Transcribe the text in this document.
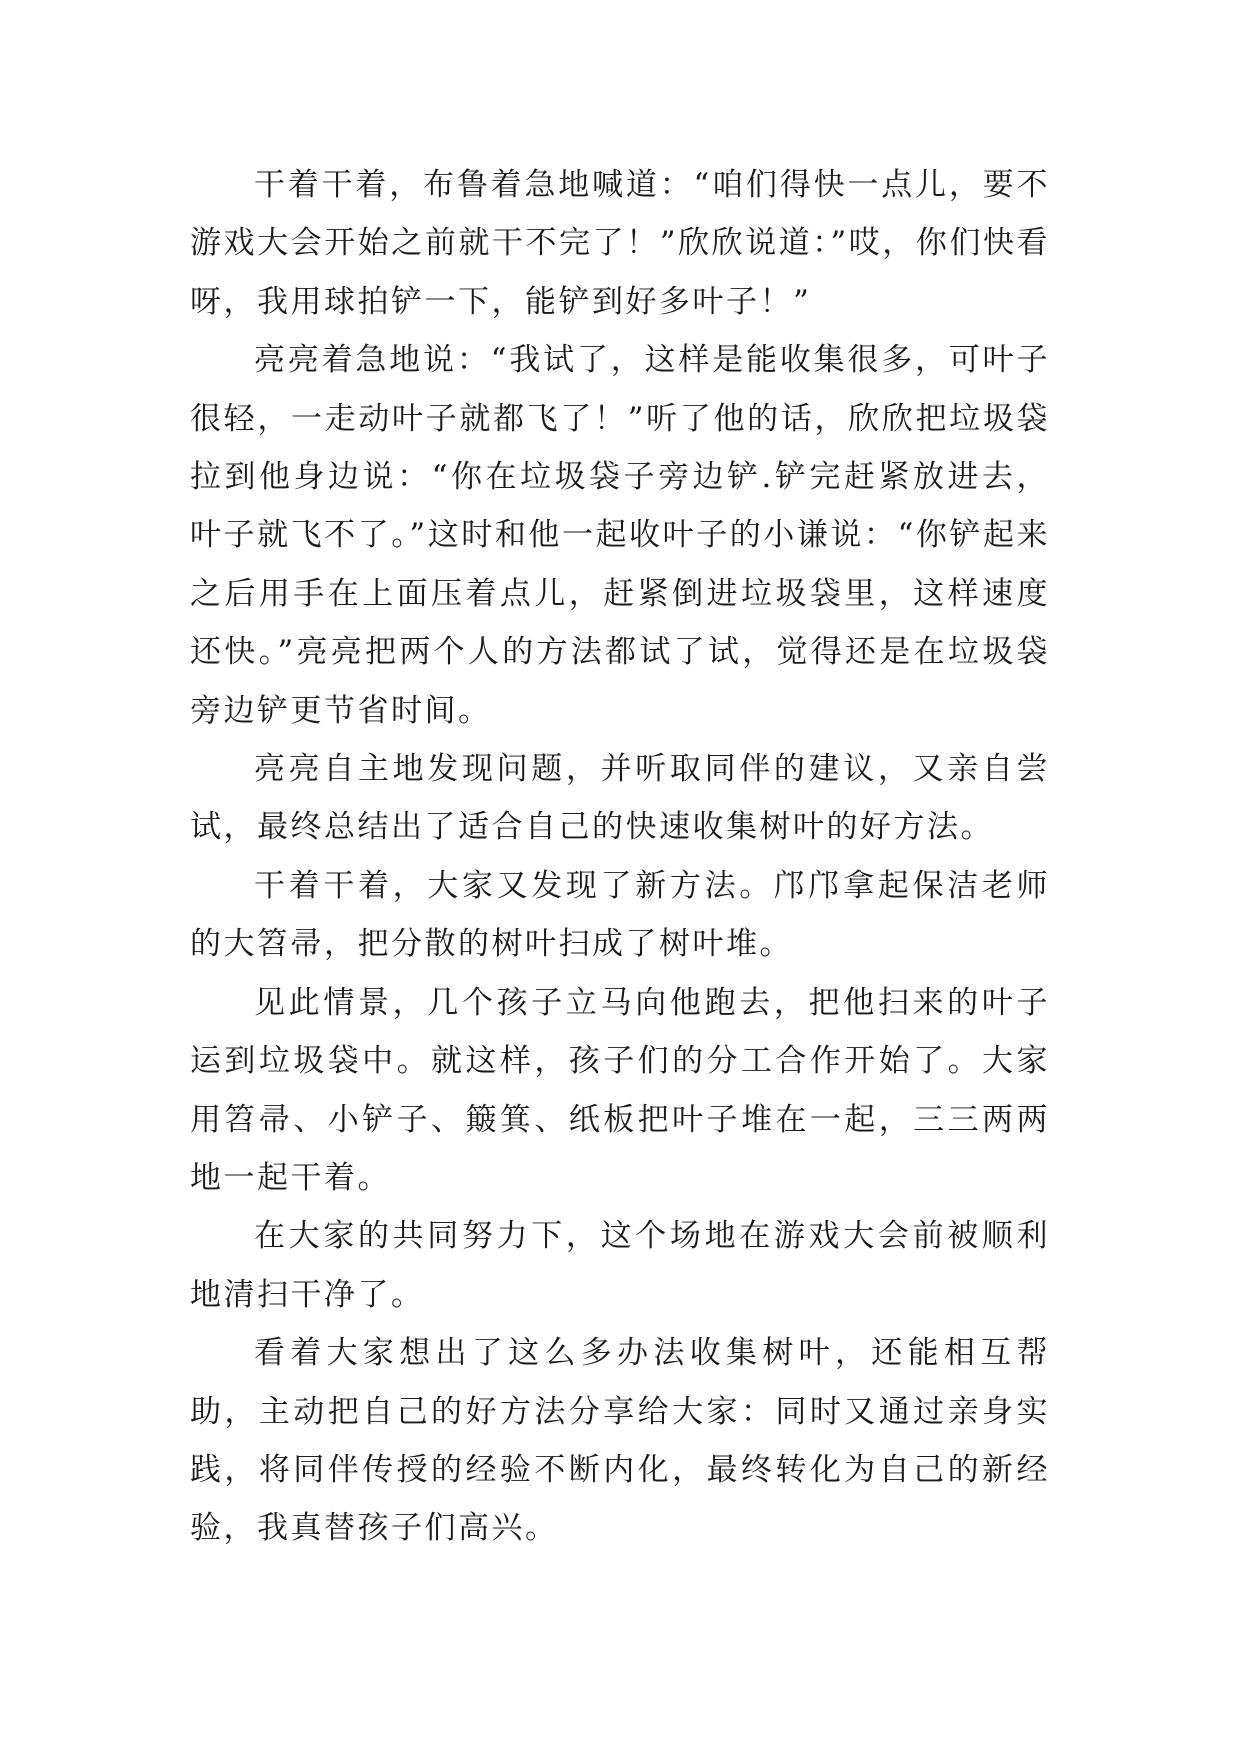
干着干着，布鲁着急地喊道：“咱们得快一点儿，要不游戏大会开始之前就干不完了！”欣欣说道：”哎，你们快看呀，我用球拍铲一下，能铲到好多叶子！”

亮亮着急地说：“我试了，这样是能收集很多，可叶子很轻，一走动叶子就都飞了！”听了他的话，欣欣把垃圾袋拉到他身边说：“你在垃圾袋子旁边铲.铲完赶紧放进去，叶子就飞不了。”这时和他一起收叶子的小谦说：“你铲起来之后用手在上面压着点儿，赶紧倒进垃圾袋里，这样速度还快。”亮亮把两个人的方法都试了试，觉得还是在垃圾袋旁边铲更节省时间。

亮亮自主地发现问题，并听取同伴的建议，又亲自尝试，最终总结出了适合自己的快速收集树叶的好方法。

干着干着，大家又发现了新方法。邝邝拿起保洁老师的大笤帚，把分散的树叶扫成了树叶堆。

见此情景，几个孩子立马向他跑去，把他扫来的叶子运到垃圾袋中。就这样，孩子们的分工合作开始了。大家用笤帚、小铲子、簸箕、纸板把叶子堆在一起，三三两两地一起干着。

在大家的共同努力下，这个场地在游戏大会前被顺利地清扫干净了。

看着大家想出了这么多办法收集树叶，还能相互帮助，主动把自己的好方法分享给大家：同时又通过亲身实践，将同伴传授的经验不断内化，最终转化为自己的新经验，我真替孩子们高兴。
